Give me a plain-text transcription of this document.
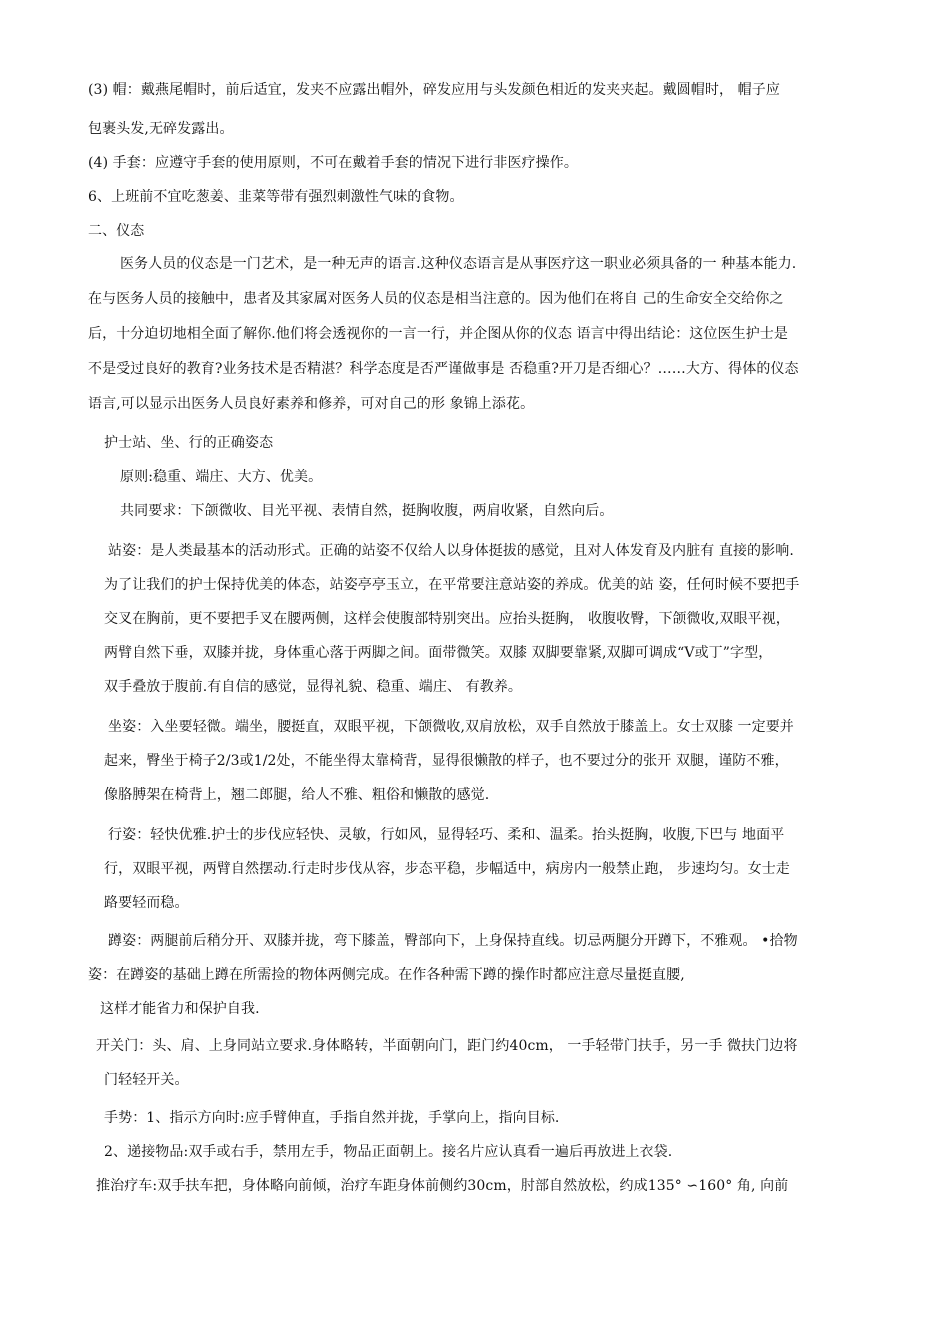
(3) 帽：戴燕尾帽时，前后适宜，发夹不应露出帽外，碎发应用与头发颜色相近的发夹夹起。戴圆帽时， 帽子应
包裹头发,无碎发露出。
(4) 手套：应遵守手套的使用原则，不可在戴着手套的情况下进行非医疗操作。
6、上班前不宜吃葱姜、韭菜等带有强烈刺激性气味的食物。
二、仪态
医务人员的仪态是一门艺术，是一种无声的语言.这种仪态语言是从事医疗这一职业必须具备的一 种基本能力.
在与医务人员的接触中，患者及其家属对医务人员的仪态是相当注意的。因为他们在将自 己的生命安全交给你之
后，十分迫切地相全面了解你.他们将会透视你的一言一行，并企图从你的仪态 语言中得出结论：这位医生护士是
不是受过良好的教育?业务技术是否精湛？科学态度是否严谨做事是 否稳重?开刀是否细心？……大方、得体的仪态
语言,可以显示出医务人员良好素养和修养，可对自己的形 象锦上添花。
护士站、坐、行的正确姿态
原则:稳重、端庄、大方、优美。
共同要求：下颌微收、目光平视、表情自然，挺胸收腹，两肩收紧，自然向后。
站姿：是人类最基本的活动形式。正确的站姿不仅给人以身体挺拔的感觉，且对人体发育及内脏有 直接的影响.
为了让我们的护士保持优美的体态，站姿亭亭玉立，在平常要注意站姿的养成。优美的站 姿，任何时候不要把手
交叉在胸前，更不要把手叉在腰两侧，这样会使腹部特别突出。应抬头挺胸， 收腹收臀，下颌微收,双眼平视，
两臂自然下垂，双膝并拢，身体重心落于两脚之间。面带微笑。双膝 双脚要靠紧,双脚可调成“V或丁”字型，
双手叠放于腹前.有自信的感觉，显得礼貌、稳重、端庄、 有教养。
坐姿：入坐要轻微。端坐，腰挺直，双眼平视，下颌微收,双肩放松，双手自然放于膝盖上。女士双膝 一定要并
起来，臀坐于椅子2/3或1/2处，不能坐得太靠椅背，显得很懒散的样子，也不要过分的张开 双腿，谨防不雅，
像胳膊架在椅背上，翘二郎腿，给人不雅、粗俗和懒散的感觉.
行姿：轻快优雅.护士的步伐应轻快、灵敏，行如风，显得轻巧、柔和、温柔。抬头挺胸，收腹,下巴与 地面平
行，双眼平视，两臂自然摆动.行走时步伐从容，步态平稳，步幅适中，病房内一般禁止跑， 步速均匀。女士走
路要轻而稳。
蹲姿：两腿前后稍分开、双膝并拢，弯下膝盖，臀部向下，上身保持直线。切忌两腿分开蹲下，不雅观。 •拾物
姿：在蹲姿的基础上蹲在所需捡的物体两侧完成。在作各种需下蹲的操作时都应注意尽量挺直腰,
这样才能省力和保护自我.
开关门：头、肩、上身同站立要求.身体略转，半面朝向门，距门约40cm， 一手轻带门扶手，另一手 微扶门边将
门轻轻开关。
手势：1、指示方向时:应手臂伸直，手指自然并拢，手掌向上，指向目标.
2、递接物品:双手或右手，禁用左手，物品正面朝上。接名片应认真看一遍后再放进上衣袋.
推治疗车:双手扶车把，身体略向前倾，治疗车距身体前侧约30cm，肘部自然放松，约成135° ∽160° 角, 向前
